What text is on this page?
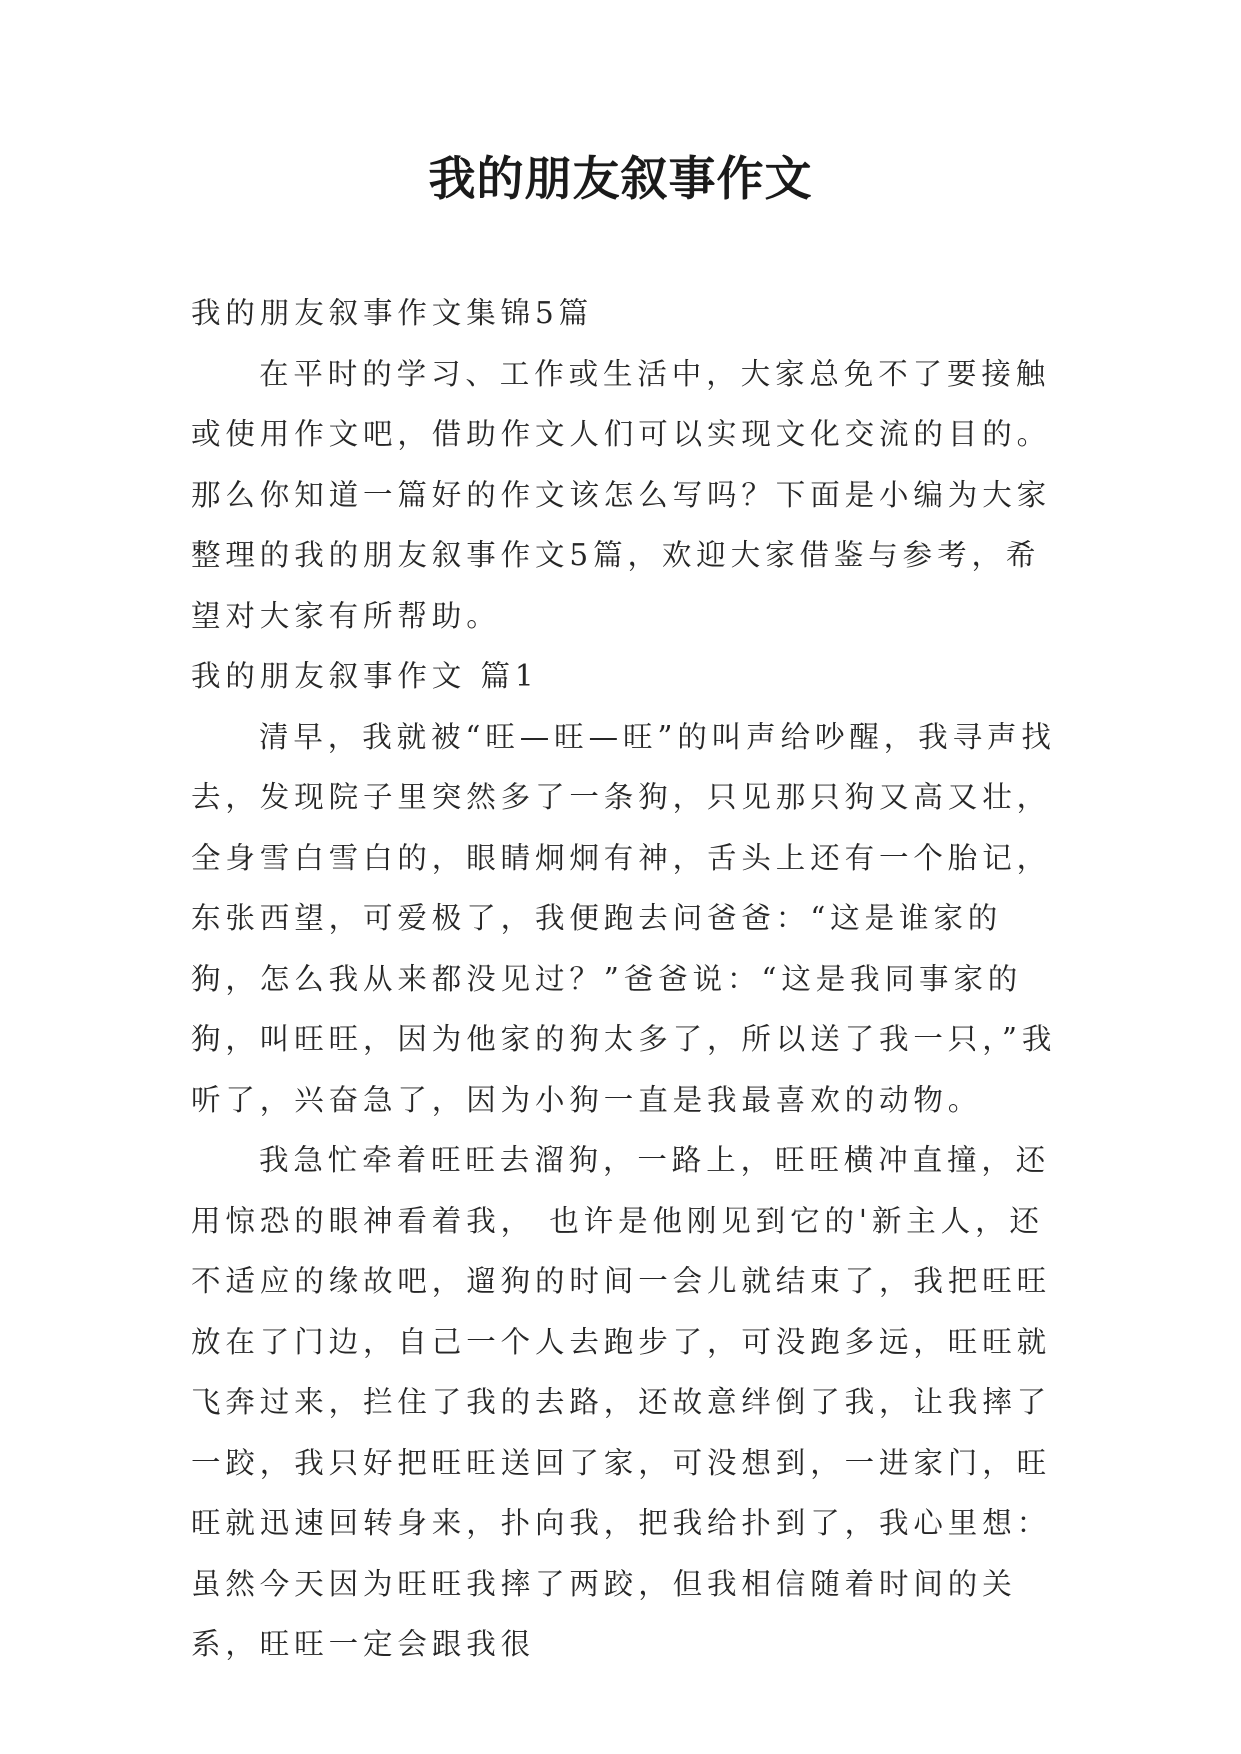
我的朋友叙事作文

我的朋友叙事作文集锦5篇

在平时的学习、工作或生活中，大家总免不了要接触或使用作文吧，借助作文人们可以实现文化交流的目的。那么你知道一篇好的作文该怎么写吗？下面是小编为大家整理的我的朋友叙事作文5篇，欢迎大家借鉴与参考，希望对大家有所帮助。

我的朋友叙事作文 篇1

清早，我就被“旺—旺—旺”的叫声给吵醒，我寻声找去，发现院子里突然多了一条狗，只见那只狗又高又壮，全身雪白雪白的，眼睛炯炯有神，舌头上还有一个胎记，东张西望，可爱极了，我便跑去问爸爸：“这是谁家的狗，怎么我从来都没见过？”爸爸说：“这是我同事家的狗，叫旺旺，因为他家的狗太多了，所以送了我一只，”我听了，兴奋急了，因为小狗一直是我最喜欢的动物。

我急忙牵着旺旺去溜狗，一路上，旺旺横冲直撞，还用惊恐的眼神看着我， 也许是他刚见到它的'新主人，还不适应的缘故吧，遛狗的时间一会儿就结束了，我把旺旺放在了门边，自己一个人去跑步了，可没跑多远，旺旺就飞奔过来，拦住了我的去路，还故意绊倒了我，让我摔了一跤，我只好把旺旺送回了家，可没想到，一进家门，旺旺就迅速回转身来，扑向我，把我给扑到了，我心里想：虽然今天因为旺旺我摔了两跤，但我相信随着时间的关系，旺旺一定会跟我很
